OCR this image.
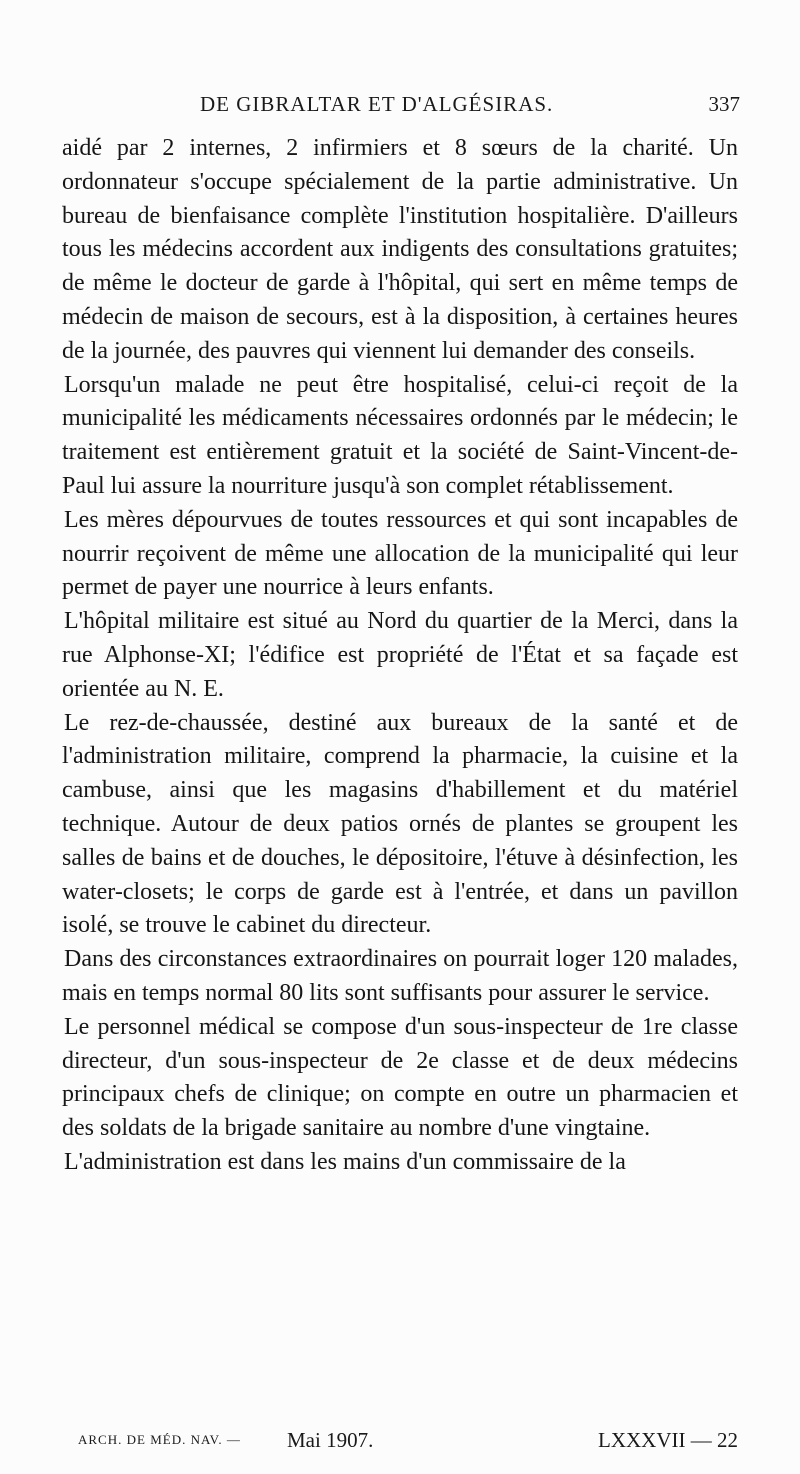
DE GIBRALTAR ET D'ALGÉSIRAS.	337

aidé par 2 internes, 2 infirmiers et 8 sœurs de la charité. Un ordonnateur s'occupe spécialement de la partie administrative. Un bureau de bienfaisance complète l'institution hospitalière. D'ailleurs tous les médecins accordent aux indigents des consultations gratuites; de même le docteur de garde à l'hôpital, qui sert en même temps de médecin de maison de secours, est à la disposition, à certaines heures de la journée, des pauvres qui viennent lui demander des conseils.

Lorsqu'un malade ne peut être hospitalisé, celui-ci reçoit de la municipalité les médicaments nécessaires ordonnés par le médecin; le traitement est entièrement gratuit et la société de Saint-Vincent-de-Paul lui assure la nourriture jusqu'à son complet rétablissement.

Les mères dépourvues de toutes ressources et qui sont incapables de nourrir reçoivent de même une allocation de la municipalité qui leur permet de payer une nourrice à leurs enfants.

L'hôpital militaire est situé au Nord du quartier de la Merci, dans la rue Alphonse-XI; l'édifice est propriété de l'État et sa façade est orientée au N. E.

Le rez-de-chaussée, destiné aux bureaux de la santé et de l'administration militaire, comprend la pharmacie, la cuisine et la cambuse, ainsi que les magasins d'habillement et du matériel technique. Autour de deux patios ornés de plantes se groupent les salles de bains et de douches, le dépositoire, l'étuve à désinfection, les water-closets; le corps de garde est à l'entrée, et dans un pavillon isolé, se trouve le cabinet du directeur.

Dans des circonstances extraordinaires on pourrait loger 120 malades, mais en temps normal 80 lits sont suffisants pour assurer le service.

Le personnel médical se compose d'un sous-inspecteur de 1re classe directeur, d'un sous-inspecteur de 2e classe et de deux médecins principaux chefs de clinique; on compte en outre un pharmacien et des soldats de la brigade sanitaire au nombre d'une vingtaine.

L'administration est dans les mains d'un commissaire de la

ARCH. DE MÉD. NAV. — Mai 1907.	LXXXVII — 22
